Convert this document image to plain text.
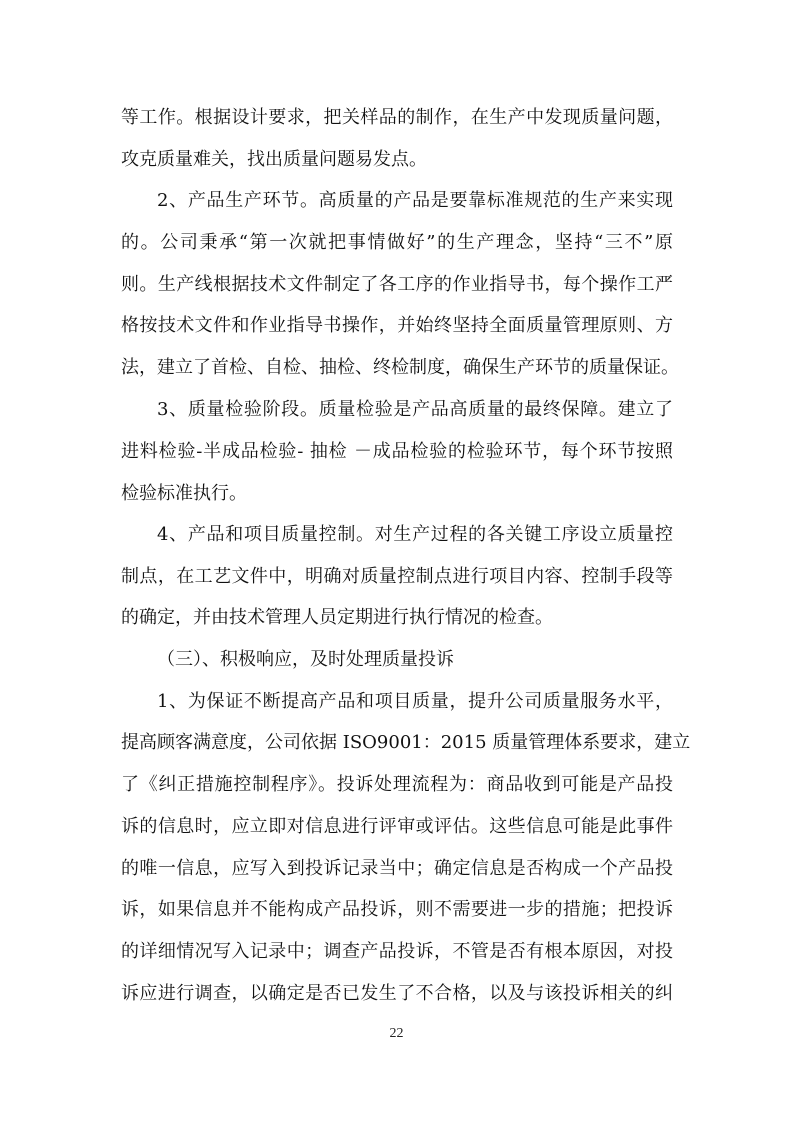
等工作。根据设计要求，把关样品的制作，在生产中发现质量问题，
攻克质量难关，找出质量问题易发点。
2、产品生产环节。高质量的产品是要靠标准规范的生产来实现
的。公司秉承“第一次就把事情做好”的生产理念，坚持“三不”原
则。生产线根据技术文件制定了各工序的作业指导书，每个操作工严
格按技术文件和作业指导书操作，并始终坚持全面质量管理原则、方
法，建立了首检、自检、抽检、终检制度，确保生产环节的质量保证。
3、质量检验阶段。质量检验是产品高质量的最终保障。建立了
进料检验-半成品检验- 抽检 －成品检验的检验环节，每个环节按照
检验标准执行。
4、产品和项目质量控制。对生产过程的各关键工序设立质量控
制点，在工艺文件中，明确对质量控制点进行项目内容、控制手段等
的确定，并由技术管理人员定期进行执行情况的检查。
（三）、积极响应，及时处理质量投诉
1、为保证不断提高产品和项目质量，提升公司质量服务水平，
提高顾客满意度，公司依据 ISO9001：2015 质量管理体系要求，建立
了《纠正措施控制程序》。投诉处理流程为：商品收到可能是产品投
诉的信息时，应立即对信息进行评审或评估。这些信息可能是此事件
的唯一信息，应写入到投诉记录当中；确定信息是否构成一个产品投
诉，如果信息并不能构成产品投诉，则不需要进一步的措施；把投诉
的详细情况写入记录中；调查产品投诉，不管是否有根本原因，对投
诉应进行调查，以确定是否已发生了不合格，以及与该投诉相关的纠
22
